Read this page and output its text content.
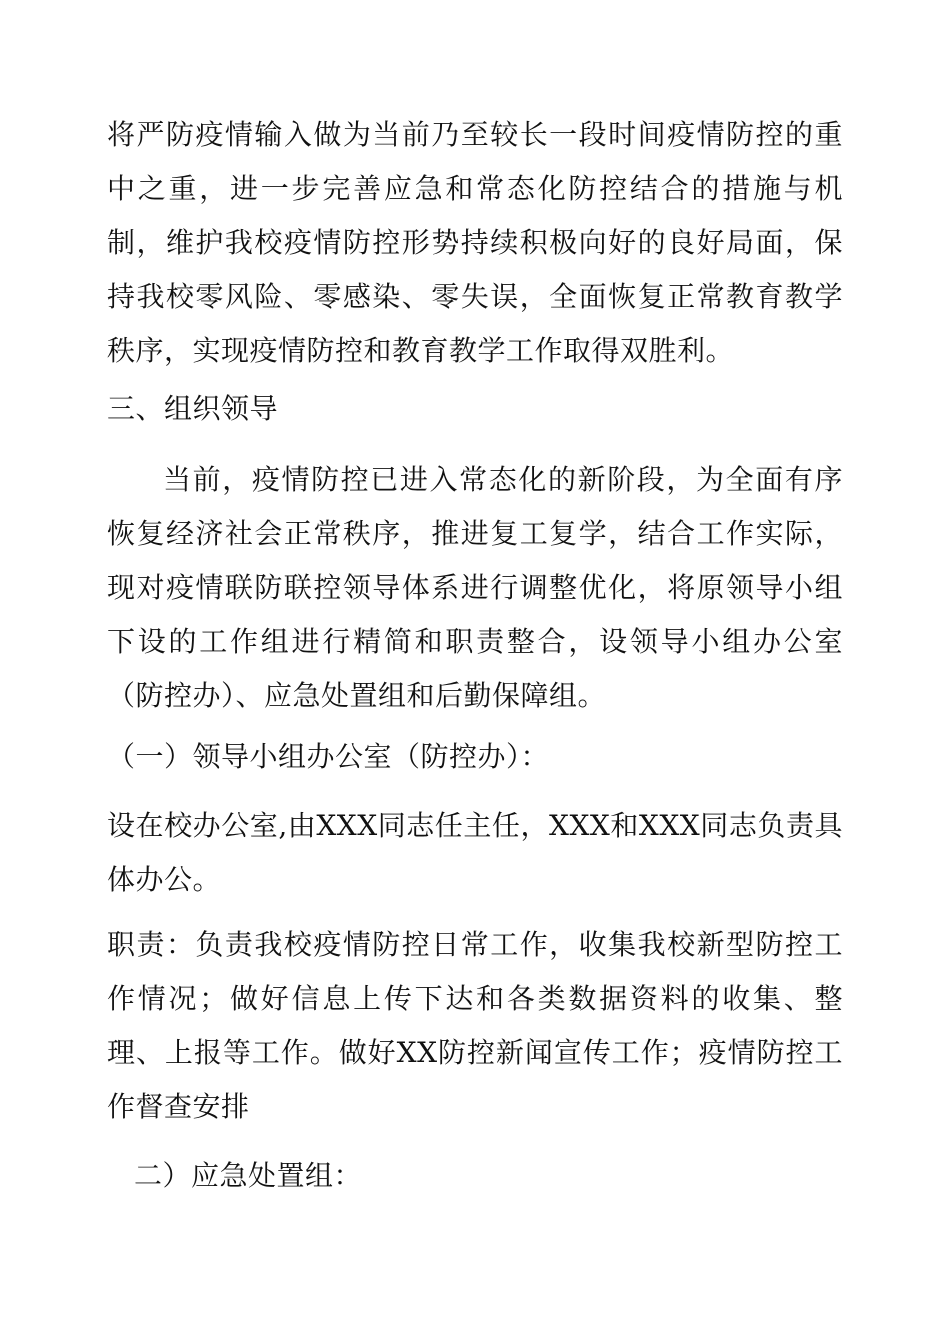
将严防疫情输入做为当前乃至较长一段时间疫情防控的重中之重，进一步完善应急和常态化防控结合的措施与机制，维护我校疫情防控形势持续积极向好的良好局面，保持我校零风险、零感染、零失误，全面恢复正常教育教学秩序，实现疫情防控和教育教学工作取得双胜利。

三、组织领导

当前，疫情防控已进入常态化的新阶段，为全面有序恢复经济社会正常秩序，推进复工复学，结合工作实际，现对疫情联防联控领导体系进行调整优化，将原领导小组下设的工作组进行精简和职责整合，设领导小组办公室（防控办）、应急处置组和后勤保障组。

（一）领导小组办公室（防控办）：

设在校办公室,由XXX同志任主任，XXX和XXX同志负责具体办公。

职责：负责我校疫情防控日常工作，收集我校新型防控工作情况；做好信息上传下达和各类数据资料的收集、整理、上报等工作。做好XX防控新闻宣传工作；疫情防控工作督查安排

二）应急处置组：
